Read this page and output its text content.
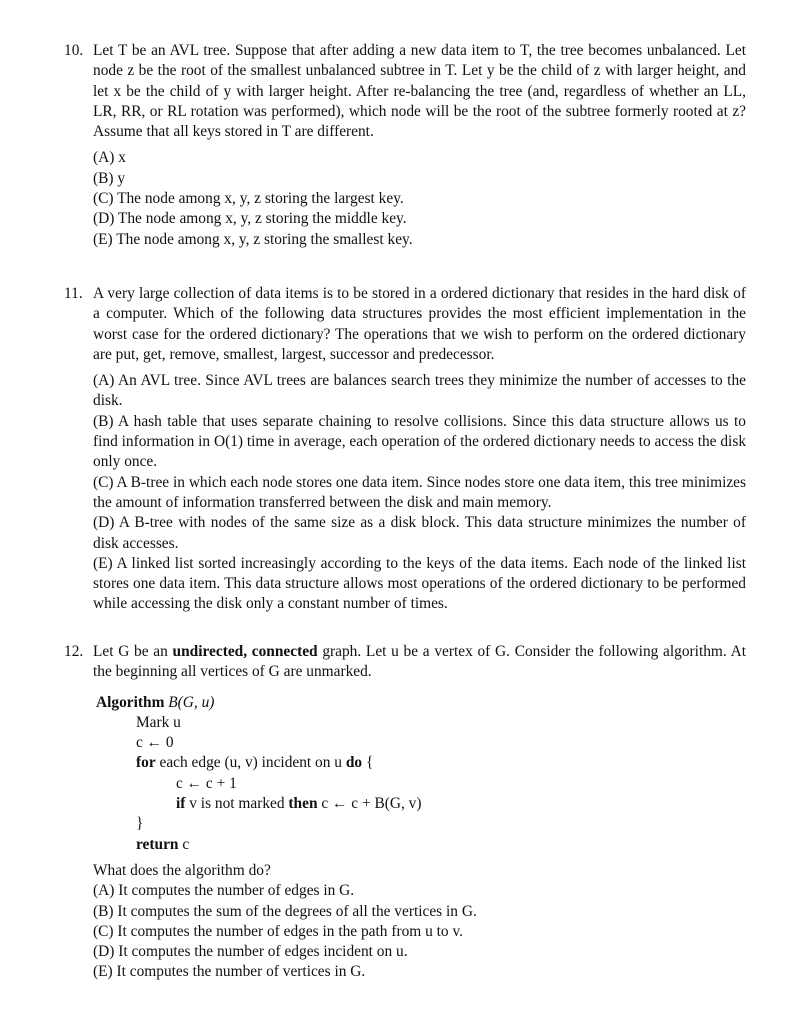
10. Let T be an AVL tree. Suppose that after adding a new data item to T, the tree becomes unbalanced. Let node z be the root of the smallest unbalanced subtree in T. Let y be the child of z with larger height, and let x be the child of y with larger height. After re-balancing the tree (and, regardless of whether an LL, LR, RR, or RL rotation was performed), which node will be the root of the subtree formerly rooted at z? Assume that all keys stored in T are different.
(A) x
(B) y
(C) The node among x, y, z storing the largest key.
(D) The node among x, y, z storing the middle key.
(E) The node among x, y, z storing the smallest key.
11. A very large collection of data items is to be stored in a ordered dictionary that resides in the hard disk of a computer. Which of the following data structures provides the most efficient implementation in the worst case for the ordered dictionary? The operations that we wish to perform on the ordered dictionary are put, get, remove, smallest, largest, successor and predecessor.
(A) An AVL tree. Since AVL trees are balances search trees they minimize the number of accesses to the disk.
(B) A hash table that uses separate chaining to resolve collisions. Since this data structure allows us to find information in O(1) time in average, each operation of the ordered dictionary needs to access the disk only once.
(C) A B-tree in which each node stores one data item. Since nodes store one data item, this tree minimizes the amount of information transferred between the disk and main memory.
(D) A B-tree with nodes of the same size as a disk block. This data structure minimizes the number of disk accesses.
(E) A linked list sorted increasingly according to the keys of the data items. Each node of the linked list stores one data item. This data structure allows most operations of the ordered dictionary to be performed while accessing the disk only a constant number of times.
12. Let G be an undirected, connected graph. Let u be a vertex of G. Consider the following algorithm. At the beginning all vertices of G are unmarked.
Algorithm B(G, u)
Mark u
c ← 0
for each edge (u, v) incident on u do {
c ← c + 1
if v is not marked then c ← c + B(G, v)
}
return c
What does the algorithm do?
(A) It computes the number of edges in G.
(B) It computes the sum of the degrees of all the vertices in G.
(C) It computes the number of edges in the path from u to v.
(D) It computes the number of edges incident on u.
(E) It computes the number of vertices in G.
